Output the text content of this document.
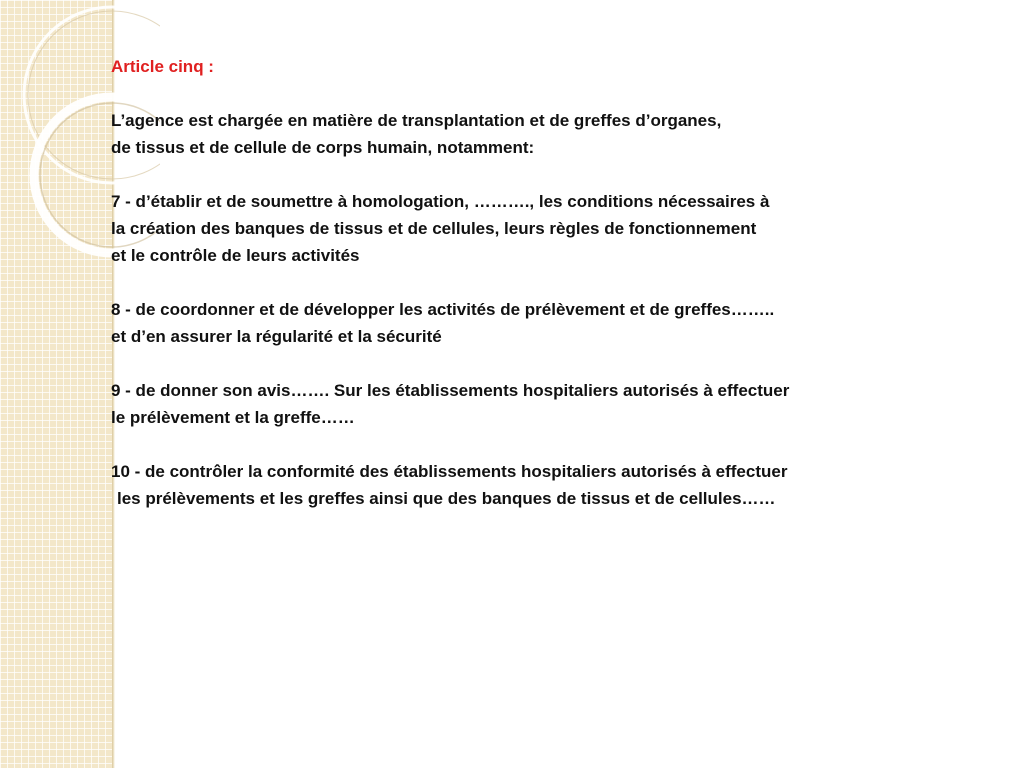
Article cinq :
L’agence est chargée en matière de transplantation et de greffes d’organes,
de tissus et de cellule de corps humain, notamment:
7 - d’établir et de soumettre à homologation, ………., les conditions nécessaires à
la création des banques de tissus et de cellules, leurs règles de fonctionnement
et le contrôle de leurs activités
8 - de coordonner et de développer les activités de prélèvement et de greffes……..
et d’en assurer la régularité et la sécurité
9 - de donner son avis……. Sur les établissements hospitaliers autorisés à effectuer
le prélèvement et la greffe……
10 - de contrôler la conformité des établissements hospitaliers autorisés à effectuer
les prélèvements et les greffes ainsi que des banques de tissus et de cellules……
